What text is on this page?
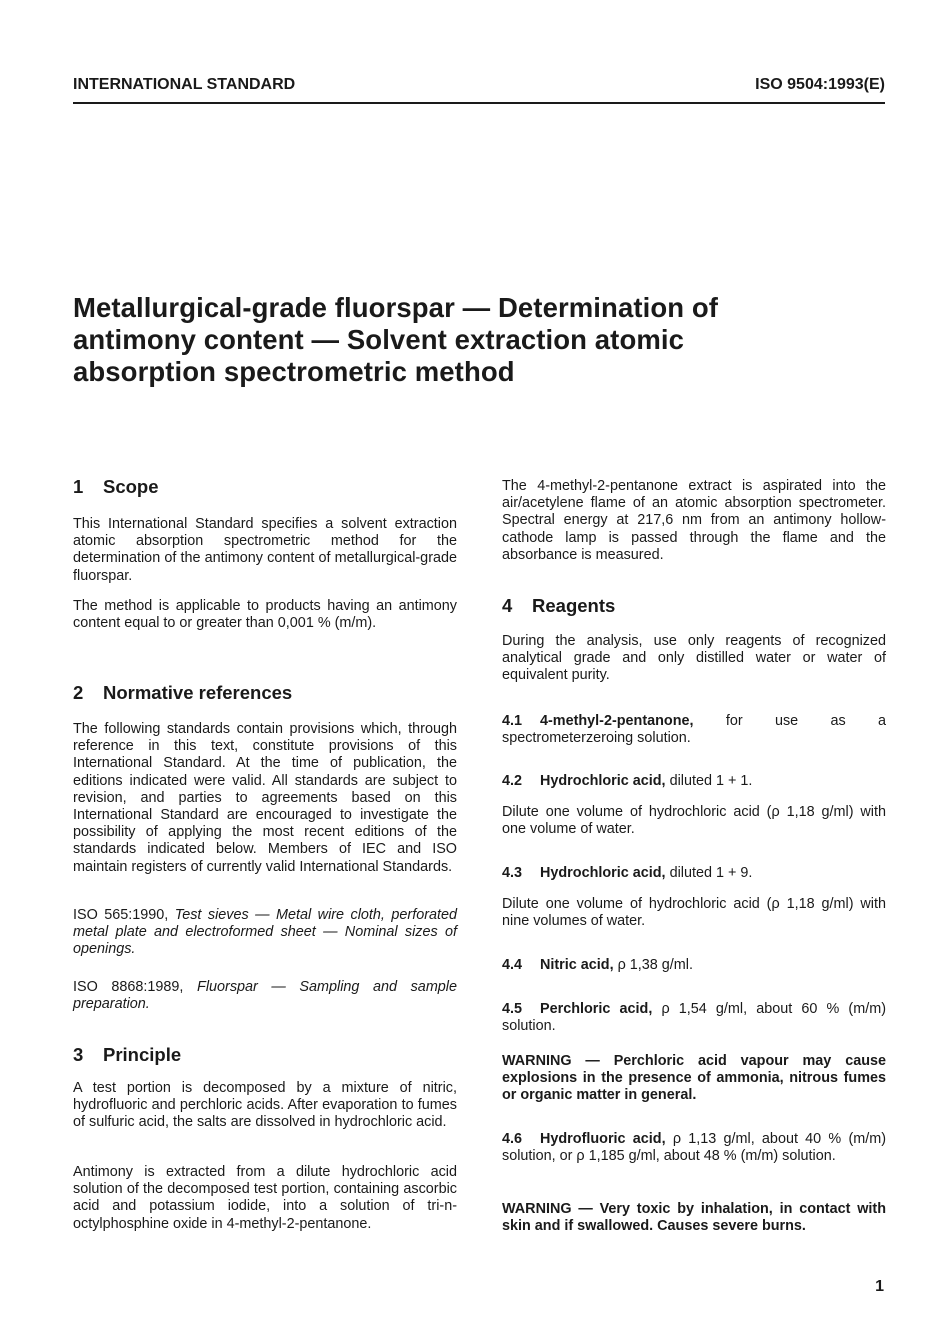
INTERNATIONAL STANDARD	ISO 9504:1993(E)
Metallurgical-grade fluorspar — Determination of
antimony content — Solvent extraction atomic
absorption spectrometric method
1 Scope

This International Standard specifies a solvent extraction atomic absorption spectrometric method for the determination of the antimony content of metallurgical-grade fluorspar.

The method is applicable to products having an antimony content equal to or greater than 0,001 % (m/m).

2 Normative references

The following standards contain provisions which, through reference in this text, constitute provisions of this International Standard. At the time of publication, the editions indicated were valid. All standards are subject to revision, and parties to agreements based on this International Standard are encouraged to investigate the possibility of applying the most recent editions of the standards indicated below. Members of IEC and ISO maintain registers of currently valid International Standards.

ISO 565:1990, Test sieves — Metal wire cloth, perforated metal plate and electroformed sheet — Nominal sizes of openings.

ISO 8868:1989, Fluorspar — Sampling and sample preparation.

3 Principle

A test portion is decomposed by a mixture of nitric, hydrofluoric and perchloric acids. After evaporation to fumes of sulfuric acid, the salts are dissolved in hydrochloric acid.

Antimony is extracted from a dilute hydrochloric acid solution of the decomposed test portion, containing ascorbic acid and potassium iodide, into a solution of tri-n-octylphosphine oxide in 4-methyl-2-pentanone.

The 4-methyl-2-pentanone extract is aspirated into the air/acetylene flame of an atomic absorption spectrometer. Spectral energy at 217,6 nm from an antimony hollow-cathode lamp is passed through the flame and the absorbance is measured.

4 Reagents

During the analysis, use only reagents of recognized analytical grade and only distilled water or water of equivalent purity.

4.1 4-methyl-2-pentanone, for use as a spectrometerzeroing solution.

4.2 Hydrochloric acid, diluted 1 + 1.

Dilute one volume of hydrochloric acid (ρ 1,18 g/ml) with one volume of water.

4.3 Hydrochloric acid, diluted 1 + 9.

Dilute one volume of hydrochloric acid (ρ 1,18 g/ml) with nine volumes of water.

4.4 Nitric acid, ρ 1,38 g/ml.

4.5 Perchloric acid, ρ 1,54 g/ml, about 60 % (m/m) solution.

WARNING — Perchloric acid vapour may cause explosions in the presence of ammonia, nitrous fumes or organic matter in general.

4.6 Hydrofluoric acid, ρ 1,13 g/ml, about 40 % (m/m) solution, or ρ 1,185 g/ml, about 48 % (m/m) solution.

WARNING — Very toxic by inhalation, in contact with skin and if swallowed. Causes severe burns.

1
